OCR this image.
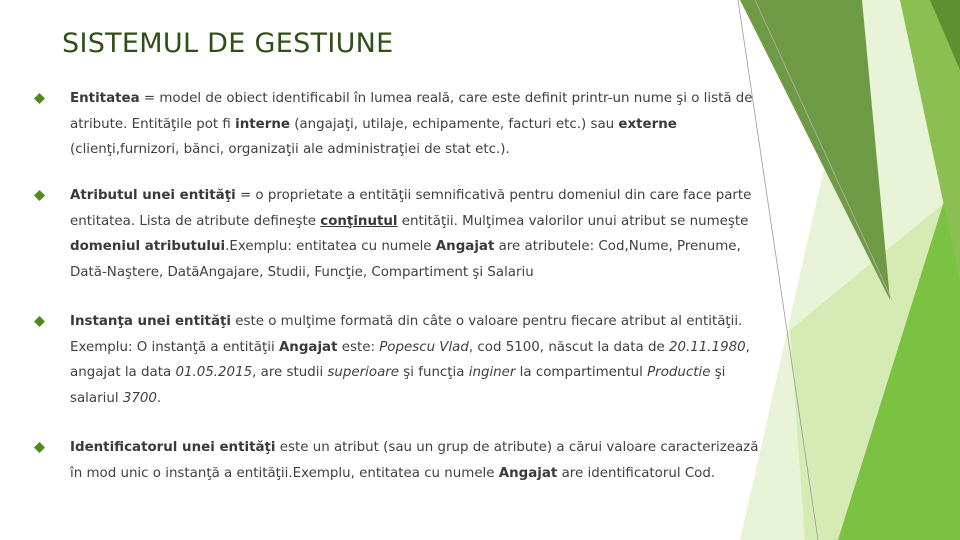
SISTEMUL DE GESTIUNE
Entitatea = model de obiect identificabil în lumea reală, care este definit printr-un nume şi o listă de atribute. Entităţile pot fi interne (angajaţi, utilaje, echipamente, facturi etc.) sau externe (clienţi,furnizori, bănci, organizaţii ale administraţiei de stat etc.).
Atributul unei entităţi = o proprietate a entităţii semnificativă pentru domeniul din care face parte entitatea. Lista de atribute defineşte conţinutul entităţii. Mulţimea valorilor unui atribut se numeşte domeniul atributului.Exemplu: entitatea cu numele Angajat are atributele: Cod,Nume, Prenume, Dată-Naştere, DatăAngajare, Studii, Funcţie, Compartiment şi Salariu
Instanţa unei entităţi este o mulţime formată din câte o valoare pentru fiecare atribut al entităţii. Exemplu: O instanţă a entităţii Angajat este: Popescu Vlad, cod 5100, născut la data de 20.11.1980, angajat la data 01.05.2015, are studii superioare şi funcţia inginer la compartimentul Productie şi salariul 3700.
Identificatorul unei entităţi este un atribut (sau un grup de atribute) a cărui valoare caracterizează în mod unic o instanţă a entităţii.Exemplu, entitatea cu numele Angajat are identificatorul Cod.
